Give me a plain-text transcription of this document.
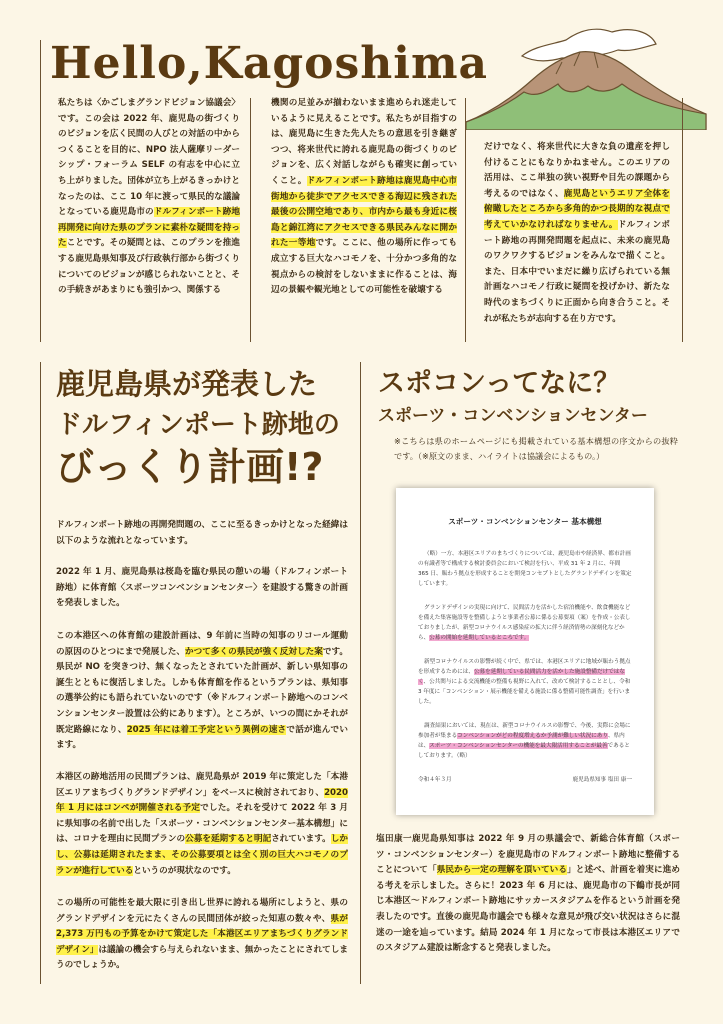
Hello,Kagoshima
私たちは〈かごしまグランドビジョン協議会〉です。この会は 2022 年、鹿児島の街づくりのビジョンを広く民間の人びとの対話の中からつくることを目的に、NPO 法人薩摩リーダーシップ・フォーラム SELF の有志を中心に立ち上がりました。団体が立ち上がるきっかけとなったのは、ここ 10 年に渡って県民的な議論となっている鹿児島市のドルフィンポート跡地再開発に向けた県のプランに素朴な疑問を持ったことです。その疑問とは、このプランを推進する鹿児島県知事及び行政執行部から街づくりについてのビジョンが感じられないことと、その手続きがあまりにも強引かつ、関係する
機関の足並みが揃わないまま進められ迷走しているように見えることです。私たちが目指すのは、鹿児島に生きた先人たちの意思を引き継ぎつつ、将来世代に誇れる鹿児島の街づくりのビジョンを、広く対話しながらも確実に創っていくこと。ドルフィンポート跡地は鹿児島中心市街地から徒歩でアクセスできる海辺に残された最後の公開空地であり、市内から最も身近に桜島と錦江湾にアクセスできる県民みんなに開かれた一等地です。ここに、他の場所に作っても成立する巨大なハコモノを、十分かつ多角的な視点からの検討をしないままに作ることは、海辺の景観や観光地としての可能性を破壊する
だけでなく、将来世代に大きな負の遺産を押し付けることにもなりかねません。このエリアの活用は、ここ単独の狭い視野や目先の課題から考えるのではなく、鹿児島というエリア全体を俯瞰したところから多角的かつ長期的な視点で考えていかなければなりません。ドルフィンポート跡地の再開発問題を起点に、未来の鹿児島のワクワクするビジョンをみんなで描くこと。また、日本中でいまだに繰り広げられている無計画なハコモノ行政に疑問を投げかけ、新たな時代のまちづくりに正面から向き合うこと。それが私たちが志向する在り方です。
鹿児島県が発表した
ドルフィンポート跡地の
びっくり計画!?
ドルフィンポート跡地の再開発問題の、ここに至るきっかけとなった経緯は以下のような流れとなっています。
2022 年 1 月、鹿児島県は桜島を臨む県民の憩いの場（ドルフィンポート跡地）に体育館〈スポーツコンベンションセンター〉を建設する驚きの計画を発表しました。
この本港区への体育館の建設計画は、9 年前に当時の知事のリコール運動の原因のひとつにまで発展した、かつて多くの県民が強く反対した案です。県民が NO を突きつけ、無くなったとされていた計画が、新しい県知事の誕生とともに復活しました。しかも体育館を作るというプランは、県知事の選挙公約にも語られていないのです（※ドルフィンポート跡地へのコンベンションセンター設置は公約にあります）。ところが、いつの間にかそれが既定路線になり、2025 年には着工予定という異例の速さで話が進んでいます。
本港区の跡地活用の民間プランは、鹿児島県が 2019 年に策定した「本港区エリアまちづくりグランドデザイン」をベースに検討されており、2020 年 1 月にはコンペが開催される予定でした。それを受けて 2022 年 3 月に県知事の名前で出した「スポーツ・コンベンションセンター基本構想」には、コロナを理由に民間プランの公募を延期すると明記されています。しかし、公募は延期されたまま、その公募要項とは全く別の巨大ハコモノのプランが進行しているというのが現状なのです。
この場所の可能性を最大限に引き出し世界に誇れる場所にしようと、県のグランドデザインを元にたくさんの民間団体が絞った知恵の数々や、県が 2,373 万円もの予算をかけて策定した「本港区エリアまちづくりグランドデザイン」は議論の機会すら与えられないまま、無かったことにされてしまうのでしょうか。
スポコンってなに？
スポーツ・コンベンションセンター
※こちらは県のホームページにも掲載されている基本構想の序文からの抜粋です。（※原文のまま、ハイライトは協議会によるもの。）
スポーツ・コンベンションセンター 基本構想

（略）一方、本港区エリアのまちづくりについては、鹿児島市や経済界、都市計画の有識者等で構成する検討委員会において検討を行い、平成 31 年 2 月に、年間 365 日、賑わう拠点を形成することを開発コンセプトとしたグランドデザインを策定しています。

グランドデザインの実現に向けて、民間活力を活かした宿泊機能や、飲食機能などを備えた集客施設等を整備しようと事業者公募に係る公募要項（案）を作成・公表しておりましたが、新型コロナウイルス感染症の拡大に伴う経済情勢の深刻化などから、公募の開始を延期しているところです。

新型コロナウイルスの影響が続く中で、県では、本港区エリアに地域が賑わう拠点を形成するためには、公募を延期している民間活力を活かした施設整備だけではなく、公共関与による交流機能の整備も視野に入れて、改めて検討することとし、令和 3 年度に「コンベンション・展示機能を備える施設に係る整備可能性調査」を行いました。

調査結果においては、現在は、新型コロナウイルスの影響で、今後、実際に会場に参加者が集まるコンベンションがどの程度増えるか予測が難しい状況にあり、県内は、スポーツ・コンベンションセンターの機能を最大限活用することが最善であるとしております。（略）

令和４年３月	鹿児島県知事 塩田 康一
塩田康一鹿児島県知事は 2022 年 9 月の県議会で、新総合体育館（スポーツ・コンベンションセンター）を鹿児島市のドルフィンポート跡地に整備することについて「県民から一定の理解を頂いている」と述べ、計画を着実に進める考えを示しました。さらに！2023 年 6 月には、鹿児島市の下鶴市長が同じ本港区〜ドルフィンポート跡地にサッカースタジアムを作るという計画を発表したのです。直後の鹿児島市議会でも様々な意見が飛び交い状況はさらに混迷の一途を辿っています。結局 2024 年 1 月になって市長は本港区エリアでのスタジアム建設は断念すると発表しました。
